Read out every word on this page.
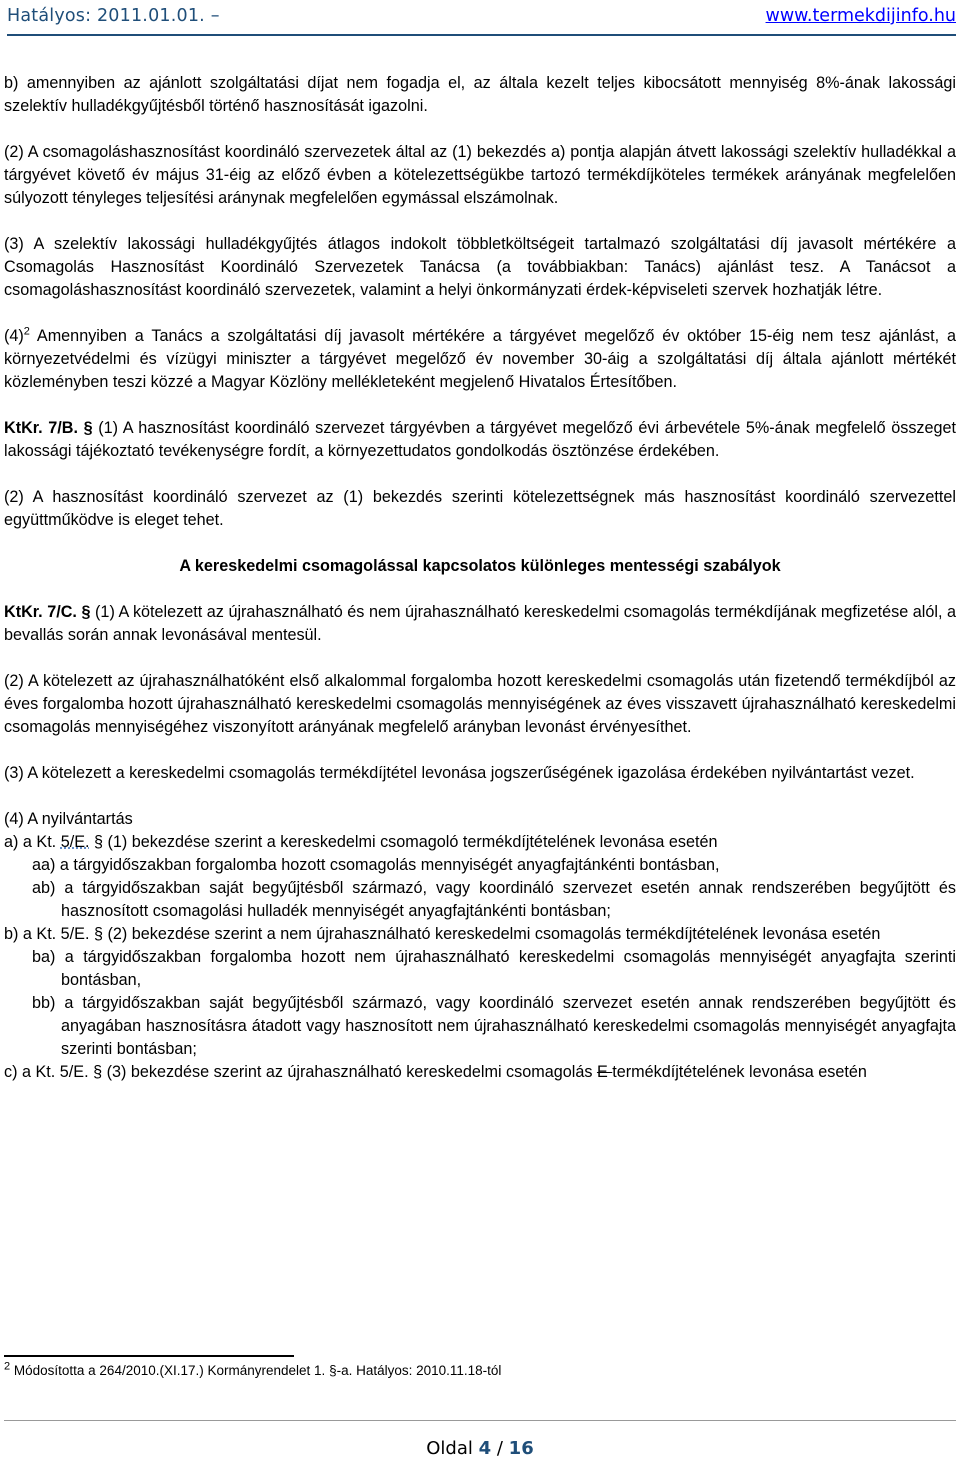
Hatályos: 2011.01.01. –	www.termekdijinfo.hu

b) amennyiben az ajánlott szolgáltatási díjat nem fogadja el, az általa kezelt teljes kibocsátott mennyiség 8%-ának lakossági szelektív hulladékgyűjtésből történő hasznosítását igazolni.

(2) A csomagoláshasznosítást koordináló szervezetek által az (1) bekezdés a) pontja alapján átvett lakossági szelektív hulladékkal a tárgyévet követő év május 31-éig az előző évben a kötelezettségükbe tartozó termékdíjköteles termékek arányának megfelelően súlyozott tényleges teljesítési aránynak megfelelően egymással elszámolnak.

(3) A szelektív lakossági hulladékgyűjtés átlagos indokolt többletköltségeit tartalmazó szolgáltatási díj javasolt mértékére a Csomagolás Hasznosítást Koordináló Szervezetek Tanácsa (a továbbiakban: Tanács) ajánlást tesz. A Tanácsot a csomagoláshasznosítást koordináló szervezetek, valamint a helyi önkormányzati érdek-képviseleti szervek hozhatják létre.

$(4)^2$ Amennyiben a Tanács a szolgáltatási díj javasolt mértékére a tárgyévet megelőző év október 15-éig nem tesz ajánlást, a környezetvédelmi és vízügyi miniszter a tárgyévet megelőző év november 30-áig a szolgáltatási díj általa ajánlott mértékét közleményben teszi közzé a Magyar Közlöny mellékleteként megjelenő Hivatalos Értesítőben.

KtKr. 7/B. § (1) A hasznosítást koordináló szervezet tárgyévben a tárgyévet megelőző évi árbevétele 5%-ának megfelelő összeget lakossági tájékoztató tevékenységre fordít, a környezettudatos gondolkodás ösztönzése érdekében.

(2) A hasznosítást koordináló szervezet az (1) bekezdés szerinti kötelezettségnek más hasznosítást koordináló szervezettel együttműködve is eleget tehet.

A kereskedelmi csomagolással kapcsolatos különleges mentességi szabályok

KtKr. 7/C. § (1) A kötelezett az újrahasználható és nem újrahasználható kereskedelmi csomagolás termékdíjának megfizetése alól, a bevallás során annak levonásával mentesül.

(2) A kötelezett az újrahasználhatóként első alkalommal forgalomba hozott kereskedelmi csomagolás után fizetendő termékdíjból az éves forgalomba hozott újrahasználható kereskedelmi csomagolás mennyiségének az éves visszavett újrahasználható kereskedelmi csomagolás mennyiségéhez viszonyított arányának megfelelő arányban levonást érvényesíthet.

(3) A kötelezett a kereskedelmi csomagolás termékdíjtétel levonása jogszerűségének igazolása érdekében nyilvántartást vezet.

(4) A nyilvántartás

a) a Kt. 5/E. § (1) bekezdése szerint a kereskedelmi csomagoló termékdíjtételének levonása esetén
aa) a tárgyidőszakban forgalomba hozott csomagolás mennyiségét anyagfajtánkénti bontásban,
ab) a tárgyidőszakban saját begyűjtésből származó, vagy koordináló szervezet esetén annak rendszerében begyűjtött és hasznosított csomagolási hulladék mennyiségét anyagfajtánkénti bontásban;
b) a Kt. 5/E. § (2) bekezdése szerint a nem újrahasználható kereskedelmi csomagolás termékdíjtételének levonása esetén
ba) a tárgyidőszakban forgalomba hozott nem újrahasználható kereskedelmi csomagolás mennyiségét anyagfajta szerinti bontásban,
bb) a tárgyidőszakban saját begyűjtésből származó, vagy koordináló szervezet esetén annak rendszerében begyűjtött és anyagában hasznosításra átadott vagy hasznosított nem újrahasználható kereskedelmi csomagolás mennyiségét anyagfajta szerinti bontásban;
c) a Kt. 5/E. § (3) bekezdése szerint az újrahasználható kereskedelmi csomagolás E termékdíjtételének levonása esetén
$^2$ Módosította a 264/2010.(XI.17.) Kormányrendelet 1. §-a. Hatályos: 2010.11.18-tól
Oldal 4 / 16
